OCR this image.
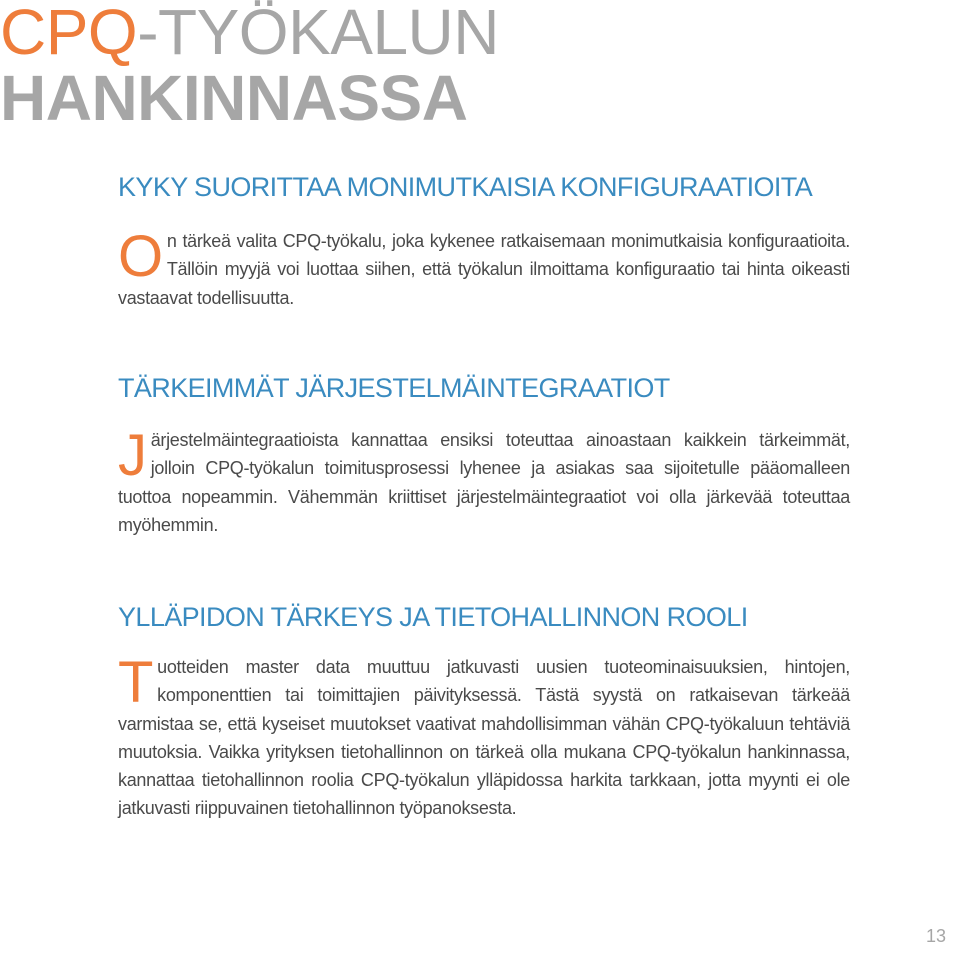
CPQ-TYÖKALUN
HANKINNASSA
KYKY SUORITTAA MONIMUTKAISIA KONFIGURAATIOITA

On tärkeä valita CPQ-työkalu, joka kykenee ratkaisemaan monimutkaisia konfiguraatioita. Tällöin myyjä voi luottaa siihen, että työkalun ilmoittama konfiguraatio tai hinta oikeasti vastaavat todellisuutta.

TÄRKEIMMÄT JÄRJESTELMÄINTEGRAATIOT

Järjestelmäintegraatioista kannattaa ensiksi toteuttaa ainoastaan kaikkein tärkeimmät, jolloin CPQ-työkalun toimitusprosessi lyhenee ja asiakas saa sijoitetulle pääomalleen tuottoa nopeammin. Vähemmän kriittiset järjestelmäintegraatiot voi olla järkevää toteuttaa myöhemmin.

YLLÄPIDON TÄRKEYS JA TIETOHALLINNON ROOLI

Tuotteiden master data muuttuu jatkuvasti uusien tuoteominaisuuksien, hintojen, komponenttien tai toimittajien päivityksessä. Tästä syystä on ratkaisevan tärkeää varmistaa se, että kyseiset muutokset vaativat mahdollisimman vähän CPQ-työkaluun tehtäviä muutoksia. Vaikka yrityksen tietohallinnon on tärkeä olla mukana CPQ-työkalun hankinnassa, kannattaa tietohallinnon roolia CPQ-työkalun ylläpidossa harkita tarkkaan, jotta myynti ei ole jatkuvasti riippuvainen tietohallinnon työpanoksesta.

13
